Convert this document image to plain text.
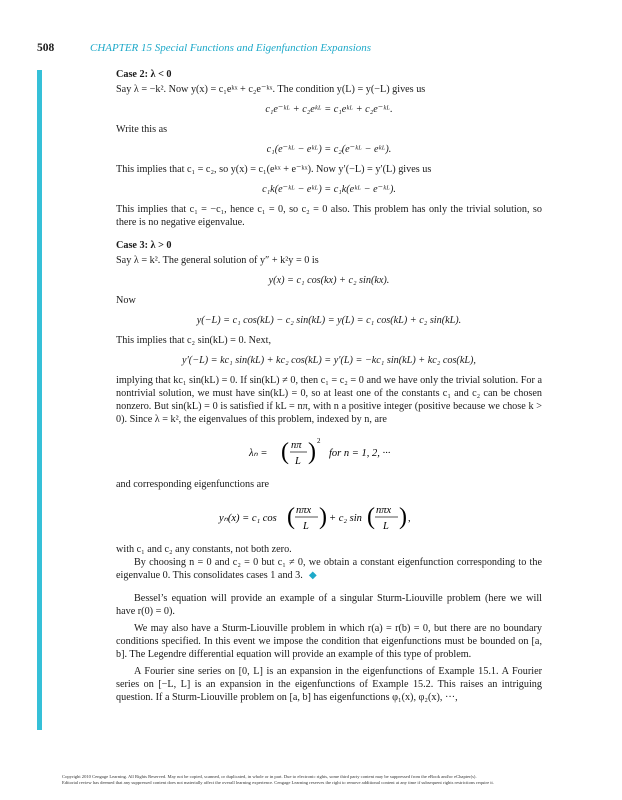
508	CHAPTER 15 Special Functions and Eigenfunction Expansions

Case 2: λ < 0

Say λ = −k². Now y(x) = c₁eᵏˣ + c₂e⁻ᵏˣ. The condition y(L) = y(−L) gives us

c₁e⁻ᵏᴸ + c₂eᵏᴸ = c₁eᵏᴸ + c₂e⁻ᵏᴸ.

Write this as

c₁(e⁻ᵏᴸ − eᵏᴸ) = c₂(e⁻ᵏᴸ − eᵏᴸ).

This implies that c₁ = c₂, so y(x) = c₁(eᵏˣ + e⁻ᵏˣ). Now y′(−L) = y′(L) gives us

c₁k(e⁻ᵏᴸ − eᵏᴸ) = c₁k(eᵏᴸ − e⁻ᵏᴸ).

This implies that c₁ = −c₁, hence c₁ = 0, so c₂ = 0 also. This problem has only the trivial solution, so there is no negative eigenvalue.

Case 3: λ > 0

Say λ = k². The general solution of y″ + k²y = 0 is

y(x) = c₁ cos(kx) + c₂ sin(kx).

Now

y(−L) = c₁ cos(kL) − c₂ sin(kL) = y(L) = c₁ cos(kL) + c₂ sin(kL).

This implies that c₂ sin(kL) = 0. Next,

y′(−L) = kc₁ sin(kL) + kc₂ cos(kL) = y′(L) = −kc₁ sin(kL) + kc₂ cos(kL),

implying that kc₁ sin(kL) = 0. If sin(kL) ≠ 0, then c₁ = c₂ = 0 and we have only the trivial solution. For a nontrivial solution, we must have sin(kL) = 0, so at least one of the constants c₁ and c₂ can be chosen nonzero. But sin(kL) = 0 is satisfied if kL = nπ, with n a positive integer (positive because we chose k > 0). Since λ = k², the eigenvalues of this problem, indexed by n, are

λₙ = ( nπ
L ) 2
for n = 1, 2, ···

and corresponding eigenfunctions are

yₙ(x) = c₁ cos ( nπx
L ) + c₂ sin ( nπx
L ) ,

with c₁ and c₂ any constants, not both zero.

By choosing n = 0 and c₂ = 0 but c₁ ≠ 0, we obtain a constant eigenfunction corresponding to the eigenvalue 0. This consolidates cases 1 and 3. ◆

Bessel’s equation will provide an example of a singular Sturm-Liouville problem (here we will have r(0) = 0).

We may also have a Sturm-Liouville problem in which r(a) = r(b) = 0, but there are no boundary conditions specified. In this event we impose the condition that eigenfunctions must be bounded on [a, b]. The Legendre differential equation will provide an example of this type of problem.

A Fourier sine series on [0, L] is an expansion in the eigenfunctions of Example 15.1. A Fourier series on [−L, L] is an expansion in the eigenfunctions of Example 15.2. This raises an intriguing question. If a Sturm-Liouville problem on [a, b] has eigenfunctions φ₁(x), φ₂(x), ···,

Copyright 2010 Cengage Learning. All Rights Reserved. May not be copied, scanned, or duplicated, in whole or in part. Due to electronic rights, some third party content may be suppressed from the eBook and/or eChapter(s).
Editorial review has deemed that any suppressed content does not materially affect the overall learning experience. Cengage Learning reserves the right to remove additional content at any time if subsequent rights restrictions require it.
